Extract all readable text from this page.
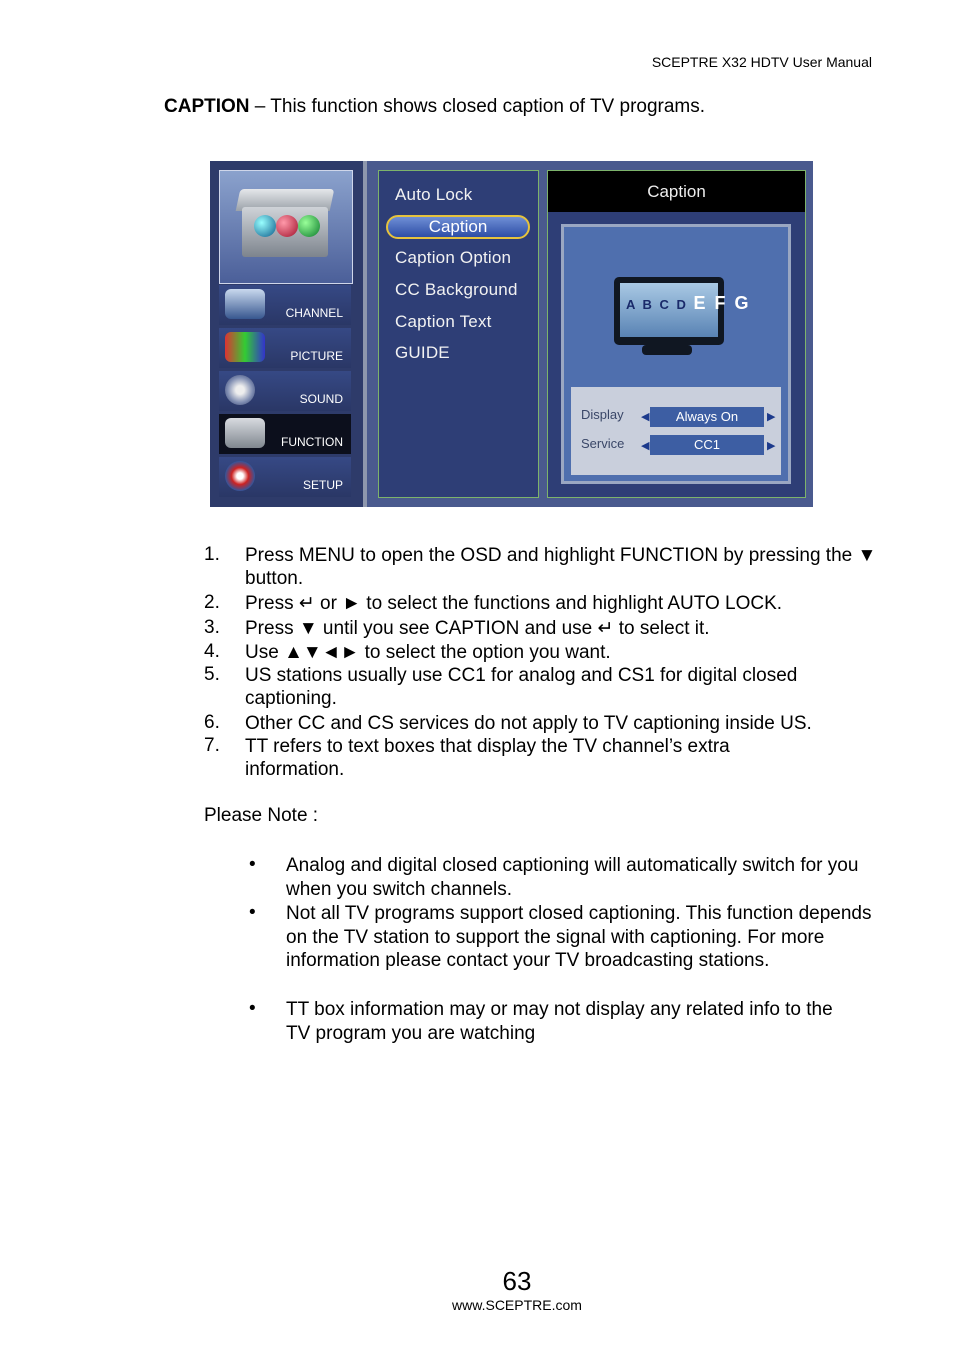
SCEPTRE X32 HDTV User Manual
CAPTION – This function shows closed caption of TV programs.
CHANNEL
PICTURE
SOUND
FUNCTION
SETUP
Auto Lock
Caption
Caption Option
CC Background
Caption Text
GUIDE
Caption
A B C D E F G
Display ◀	Always On	▶
Service ◀	CC1	▶
1. Press MENU to open the OSD and highlight FUNCTION by pressing the ▼ button.
2. Press ↵ or ► to select the functions and highlight AUTO LOCK.
3. Press ▼ until you see CAPTION and use ↵ to select it.
4. Use ▲▼◄► to select the option you want.
5. US stations usually use CC1 for analog and CS1 for digital closed captioning.
6. Other CC and CS services do not apply to TV captioning inside US.
7. TT refers to text boxes that display the TV channel’s extra information.
Please Note :
• Analog and digital closed captioning will automatically switch for you when you switch channels.
• Not all TV programs support closed captioning. This function depends on the TV station to support the signal with captioning. For more information please contact your TV broadcasting stations.
• TT box information may or may not display any related info to the TV program you are watching
63
www.SCEPTRE.com
